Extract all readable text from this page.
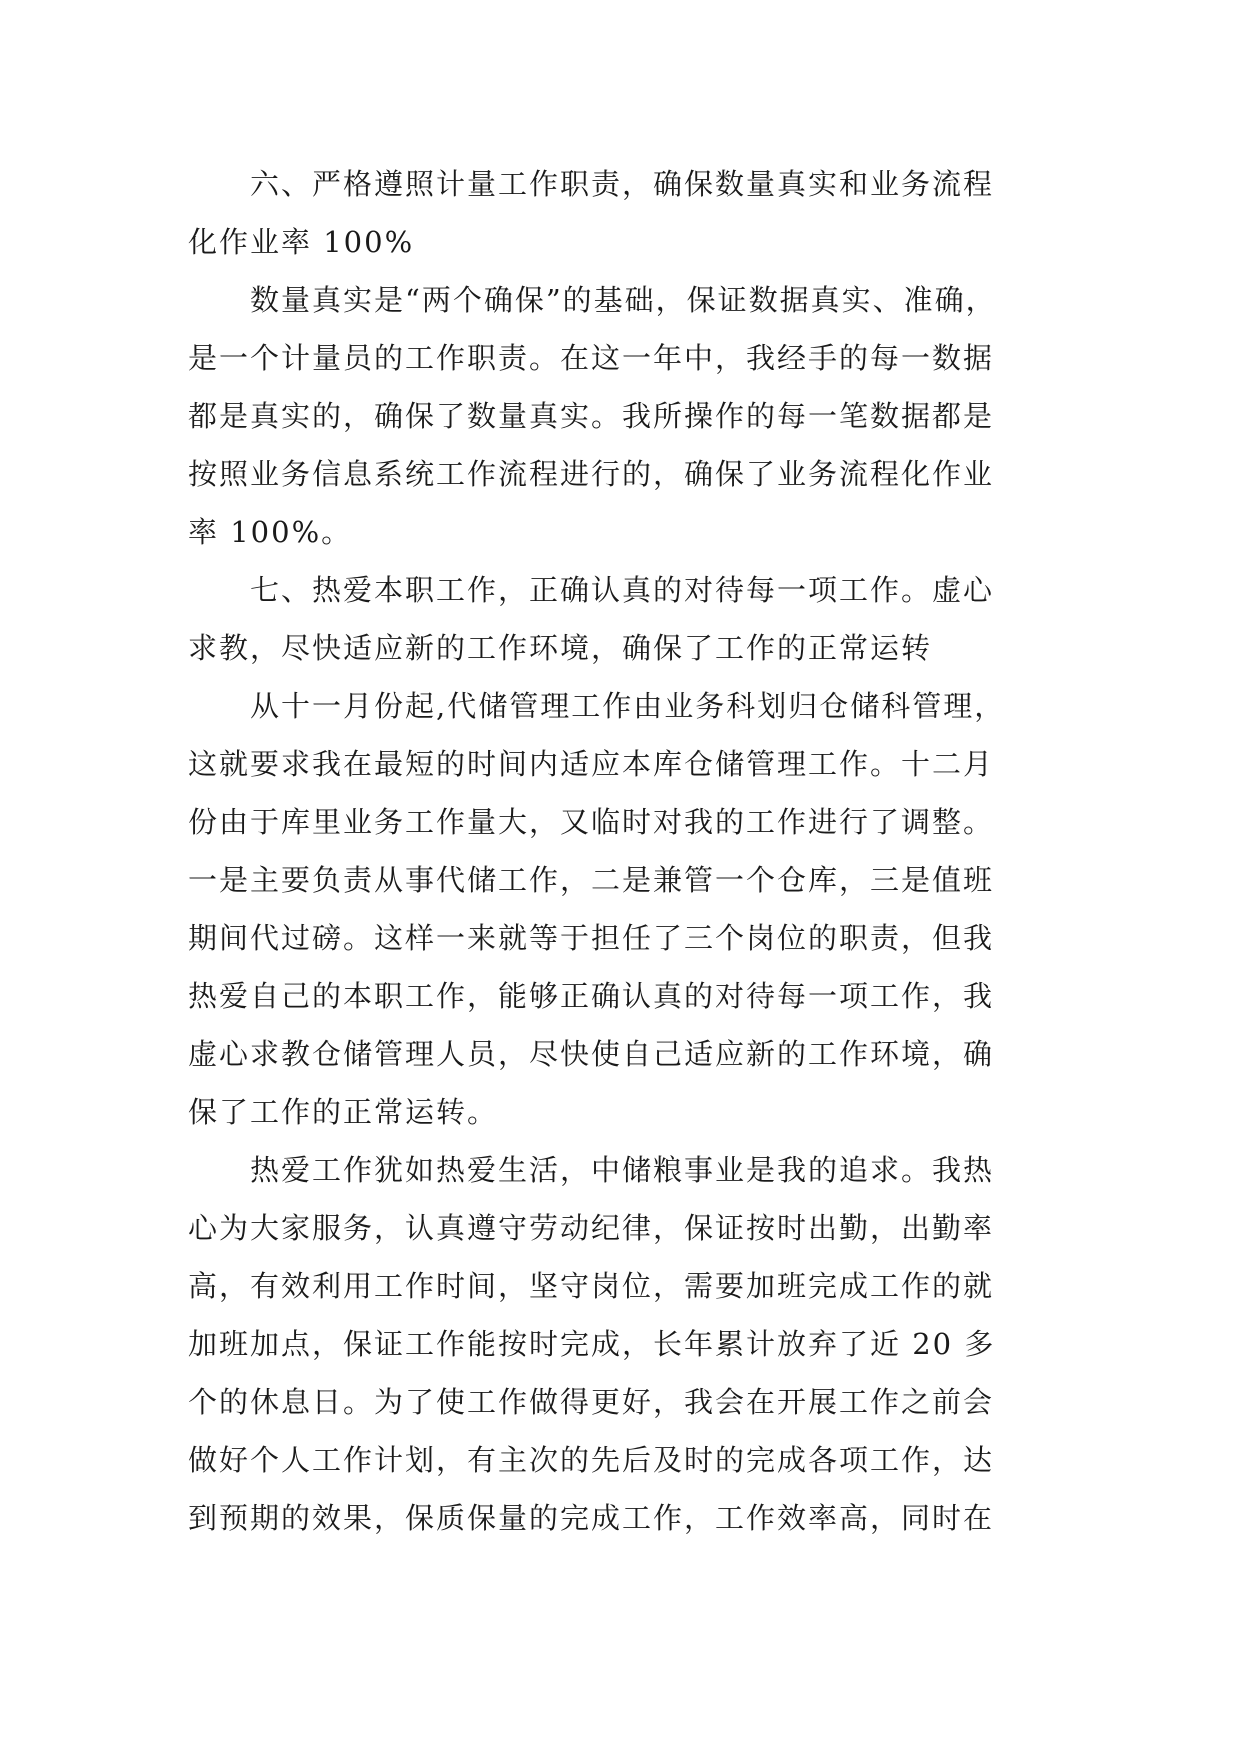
六、严格遵照计量工作职责，确保数量真实和业务流程
化作业率 100%
数量真实是“两个确保”的基础，保证数据真实、准确，
是一个计量员的工作职责。在这一年中，我经手的每一数据
都是真实的，确保了数量真实。我所操作的每一笔数据都是
按照业务信息系统工作流程进行的，确保了业务流程化作业
率 100%。
七、热爱本职工作，正确认真的对待每一项工作。虚心
求教，尽快适应新的工作环境，确保了工作的正常运转
从十一月份起,代储管理工作由业务科划归仓储科管理，
这就要求我在最短的时间内适应本库仓储管理工作。十二月
份由于库里业务工作量大，又临时对我的工作进行了调整。
一是主要负责从事代储工作，二是兼管一个仓库，三是值班
期间代过磅。这样一来就等于担任了三个岗位的职责，但我
热爱自己的本职工作，能够正确认真的对待每一项工作，我
虚心求教仓储管理人员，尽快使自己适应新的工作环境，确
保了工作的正常运转。
热爱工作犹如热爱生活，中储粮事业是我的追求。我热
心为大家服务，认真遵守劳动纪律，保证按时出勤，出勤率
高，有效利用工作时间，坚守岗位，需要加班完成工作的就
加班加点，保证工作能按时完成，长年累计放弃了近 20 多
个的休息日。为了使工作做得更好，我会在开展工作之前会
做好个人工作计划，有主次的先后及时的完成各项工作，达
到预期的效果，保质保量的完成工作，工作效率高，同时在
